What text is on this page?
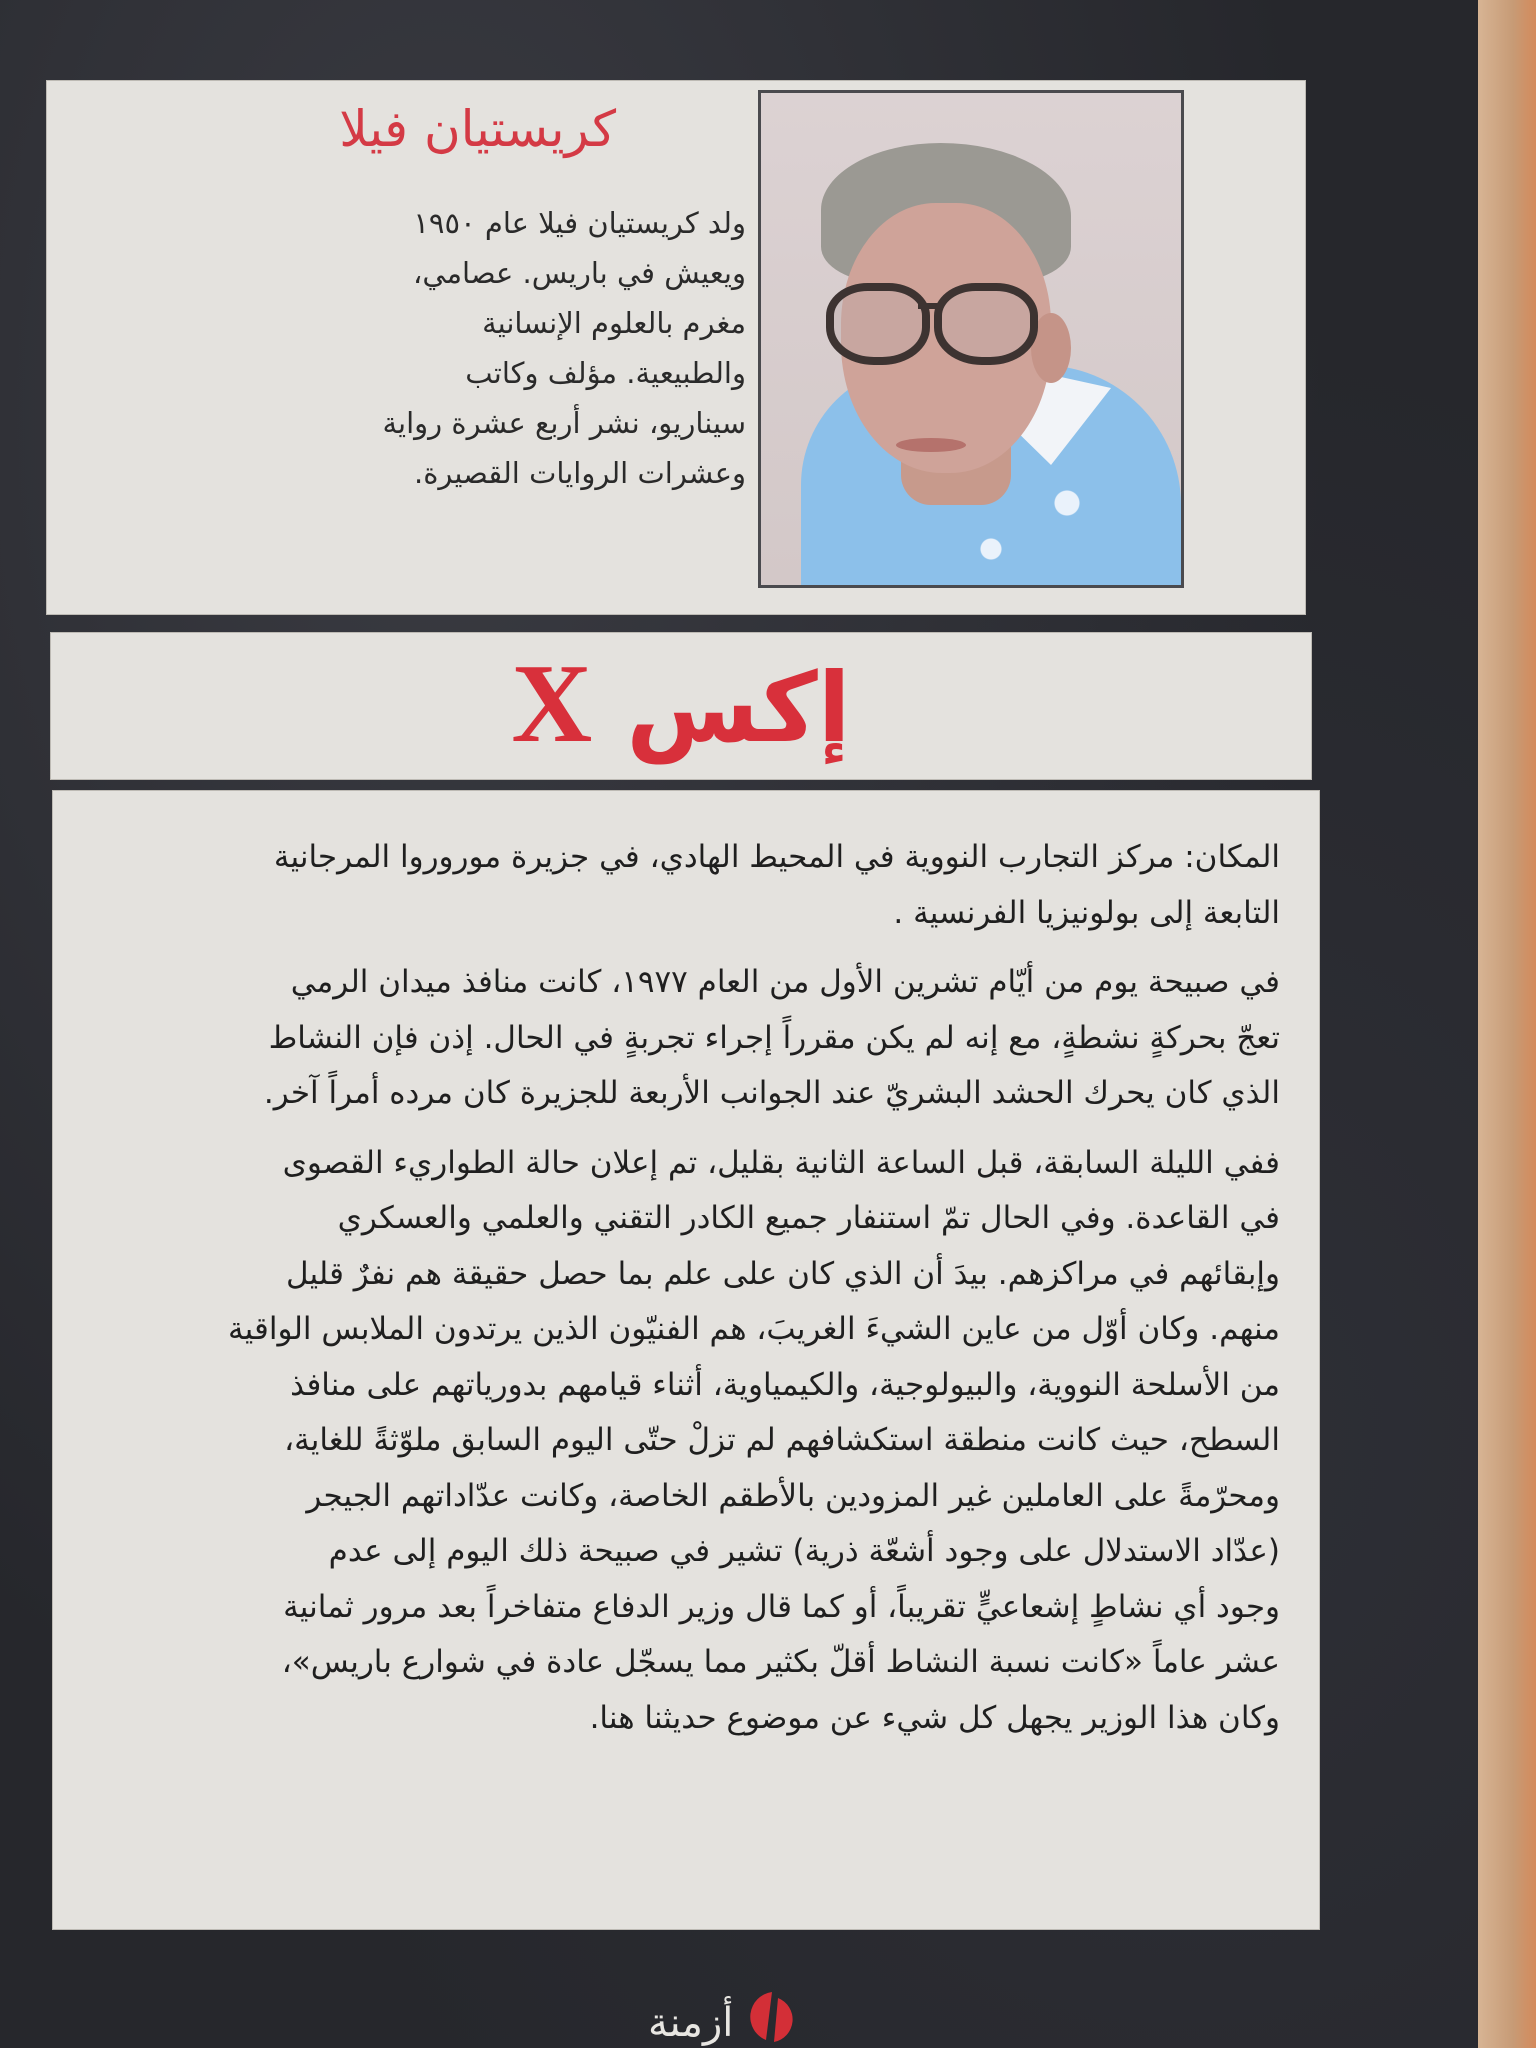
كريستيان فيلا
ولد كريستيان فيلا عام ١٩٥٠
ويعيش في باريس. عصامي،
مغرم بالعلوم الإنسانية
والطبيعية. مؤلف وكاتب
سيناريو، نشر أربع عشرة رواية
وعشرات الروايات القصيرة.
إكسX

المكان: مركز التجارب النووية في المحيط الهادي، في جزيرة موروروا المرجانية
التابعة إلى بولونيزيا الفرنسية .

في صبيحة يوم من أيّام تشرين الأول من العام ١٩٧٧، كانت منافذ ميدان الرمي
تعجّ بحركةٍ نشطةٍ، مع إنه لم يكن مقرراً إجراء تجربةٍ في الحال. إذن فإن النشاط
الذي كان يحرك الحشد البشريّ عند الجوانب الأربعة للجزيرة كان مرده أمراً آخر.

ففي الليلة السابقة، قبل الساعة الثانية بقليل، تم إعلان حالة الطواريء القصوى
في القاعدة. وفي الحال تمّ استنفار جميع الكادر التقني والعلمي والعسكري
وإبقائهم في مراكزهم. بيدَ أن الذي كان على علم بما حصل حقيقة هم نفرٌ قليل
منهم. وكان أوّل من عاين الشيءَ الغريبَ، هم الفنيّون الذين يرتدون الملابس الواقية
من الأسلحة النووية، والبيولوجية، والكيمياوية، أثناء قيامهم بدورياتهم على منافذ
السطح، حيث كانت منطقة استكشافهم لم تزلْ حتّى اليوم السابق ملوّثةً للغاية،
ومحرّمةً على العاملين غير المزودين بالأطقم الخاصة، وكانت عدّاداتهم الجيجر
(عدّاد الاستدلال على وجود أشعّة ذرية) تشير في صبيحة ذلك اليوم إلى عدم
وجود أي نشاطٍ إشعاعيٍّ تقريباً، أو كما قال وزير الدفاع متفاخراً بعد مرور ثمانية
عشر عاماً «كانت نسبة النشاط أقلّ بكثير مما يسجّل عادة في شوارع باريس»،
وكان هذا الوزير يجهل كل شيء عن موضوع حديثنا هنا.

أزمنة
